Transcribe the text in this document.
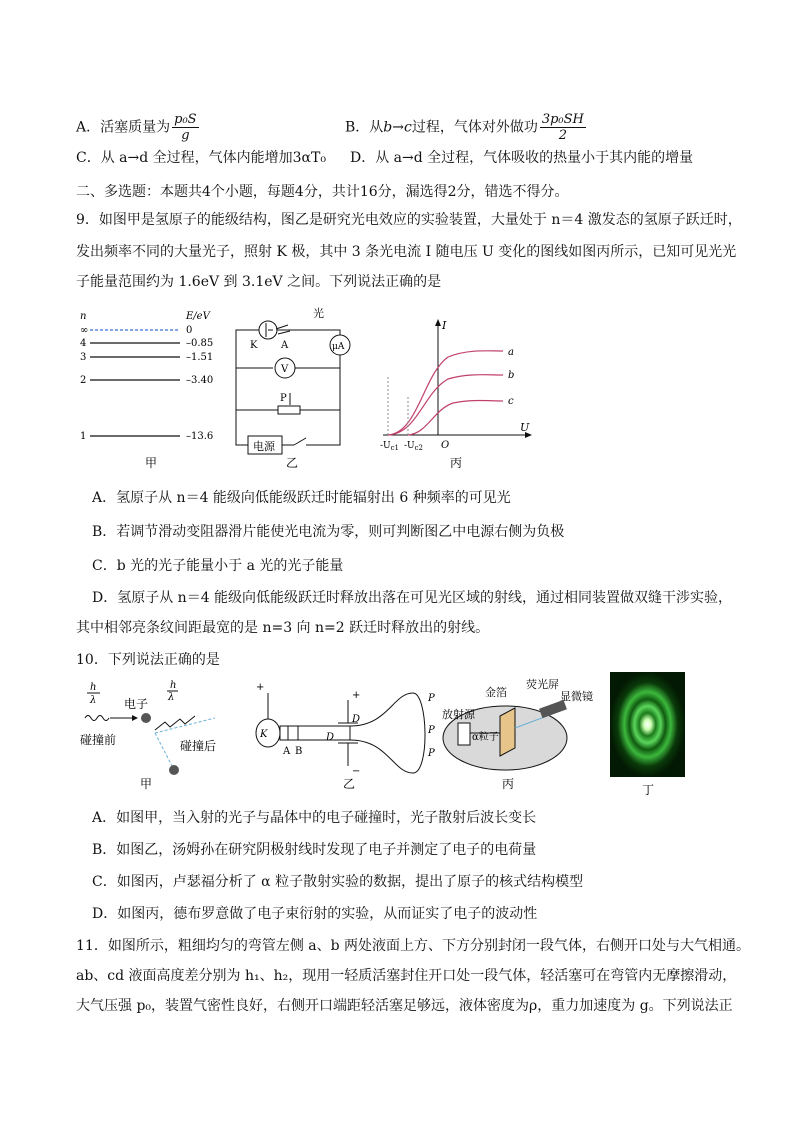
A．活塞质量为 $\frac{\text{p₀S}}{g}$	B．从b→c过程，气体对外做功 $\frac{\text{3p₀SH}}{2}$
C．从 a→d 全过程，气体内能增加3αT₀ D．从 a→d 全过程，气体吸收的热量小于其内能的增量
二、多选题：本题共4个小题，每题4分，共计16分，漏选得2分，错选不得分。
9．如图甲是氢原子的能级结构，图乙是研究光电效应的实验装置，大量处于 n＝4 激发态的氢原子跃迁时，
发出频率不同的大量光子，照射 K 极，其中 3 条光电流 I 随电压 U 变化的图线如图丙所示，已知可见光光
子能量范围约为 1.6eV 到 3.1eV 之间。下列说法正确的是
n	E/eV
∞	0
4	–0.85
3	–1.51
2	–3.40
1	–13.6
甲
光
K A	μA
V
P
电源
乙
I
U
O
a
b
c
$-U_{c1}$ $-U_{c2}$
丙
A．氢原子从 n＝4 能级向低能级跃迁时能辐射出 6 种频率的可见光
B．若调节滑动变阻器滑片能使光电流为零，则可判断图乙中电源右侧为负极
C．b 光的光子能量小于 a 光的光子能量
D．氢原子从 n＝4 能级向低能级跃迁时释放出落在可见光区域的射线，通过相同装置做双缝干涉实验，
其中相邻亮条纹间距最宽的是 n=3 向 n=2 跃迁时释放出的射线。
10．下列说法正确的是
h
λ 电子
碰撞前
h
λ
碰撞后
甲
K
+
A B
D
D
P
P
P
+
−
乙
放射源
金箔
荧光屏
显微镜
α粒子
丙	丁
A．如图甲，当入射的光子与晶体中的电子碰撞时，光子散射后波长变长
B．如图乙，汤姆孙在研究阴极射线时发现了电子并测定了电子的电荷量
C．如图丙，卢瑟福分析了 α 粒子散射实验的数据，提出了原子的核式结构模型
D．如图丙，德布罗意做了电子束衍射的实验，从而证实了电子的波动性
11．如图所示，粗细均匀的弯管左侧 a、b 两处液面上方、下方分别封闭一段气体，右侧开口处与大气相通。
ab、cd 液面高度差分别为 h₁、h₂，现用一轻质活塞封住开口处一段气体，轻活塞可在弯管内无摩擦滑动，
大气压强 p₀，装置气密性良好，右侧开口端距轻活塞足够远，液体密度为ρ，重力加速度为 g。下列说法正
